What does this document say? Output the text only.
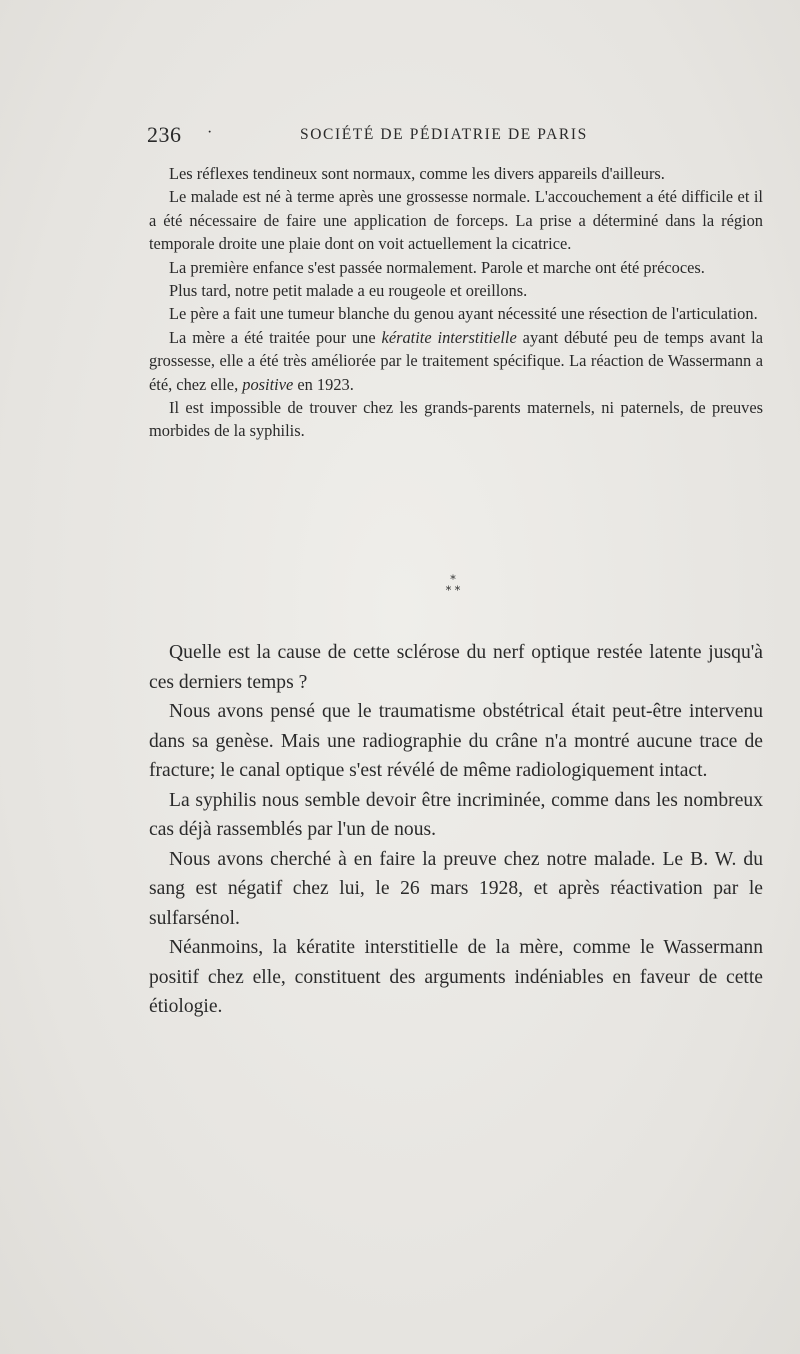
236 ·	SOCIÉTÉ DE PÉDIATRIE DE PARIS

Les réflexes tendineux sont normaux, comme les divers appareils d'ailleurs.

Le malade est né à terme après une grossesse normale. L'accouchement a été difficile et il a été nécessaire de faire une application de forceps. La prise a déterminé dans la région temporale droite une plaie dont on voit actuellement la cicatrice.

La première enfance s'est passée normalement. Parole et marche ont été précoces.

Plus tard, notre petit malade a eu rougeole et oreillons.

Le père a fait une tumeur blanche du genou ayant nécessité une résection de l'articulation.

La mère a été traitée pour une kératite interstitielle ayant débuté peu de temps avant la grossesse, elle a été très améliorée par le traitement spécifique. La réaction de Wassermann a été, chez elle, positive en 1923.

Il est impossible de trouver chez les grands-parents maternels, ni paternels, de preuves morbides de la syphilis.

*
* *

Quelle est la cause de cette sclérose du nerf optique restée latente jusqu'à ces derniers temps ?

Nous avons pensé que le traumatisme obstétrical était peut-être intervenu dans sa genèse. Mais une radiographie du crâne n'a montré aucune trace de fracture; le canal optique s'est révélé de même radiologiquement intact.

La syphilis nous semble devoir être incriminée, comme dans les nombreux cas déjà rassemblés par l'un de nous.

Nous avons cherché à en faire la preuve chez notre malade. Le B. W. du sang est négatif chez lui, le 26 mars 1928, et après réactivation par le sulfarsénol.

Néanmoins, la kératite interstitielle de la mère, comme le Wassermann positif chez elle, constituent des arguments indéniables en faveur de cette étiologie.
